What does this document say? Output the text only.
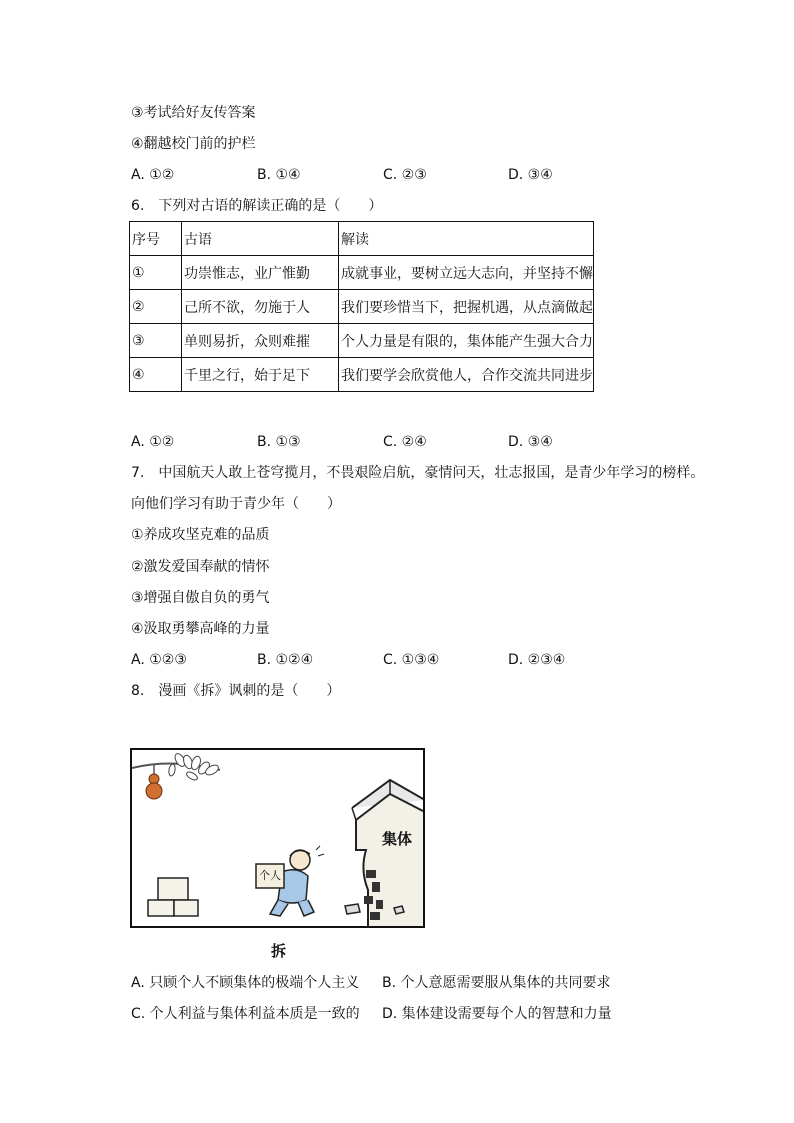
③考试给好友传答案
④翻越校门前的护栏
A. ①②	B. ①④	C. ②③	D. ③④
6.　下列对古语的解读正确的是（　　）
序号	古语	解读
①	功崇惟志，业广惟勤	成就事业，要树立远大志向，并坚持不懈
②	己所不欲，勿施于人	我们要珍惜当下，把握机遇，从点滴做起
③	单则易折，众则难摧	个人力量是有限的，集体能产生强大合力
④	千里之行，始于足下	我们要学会欣赏他人，合作交流共同进步
A. ①②	B. ①③	C. ②④	D. ③④
7.　中国航天人敢上苍穹揽月，不畏艰险启航，豪情问天，壮志报国，是青少年学习的榜样。
向他们学习有助于青少年（　　）
①养成攻坚克难的品质
②激发爱国奉献的情怀
③增强自傲自负的勇气
④汲取勇攀高峰的力量
A. ①②③	B. ①②④	C. ①③④	D. ②③④
8.　漫画《拆》讽刺的是（　　）
集体
个人
拆
A. 只顾个人不顾集体的极端个人主义 B. 个人意愿需要服从集体的共同要求
C. 个人利益与集体利益本质是一致的 D. 集体建设需要每个人的智慧和力量
